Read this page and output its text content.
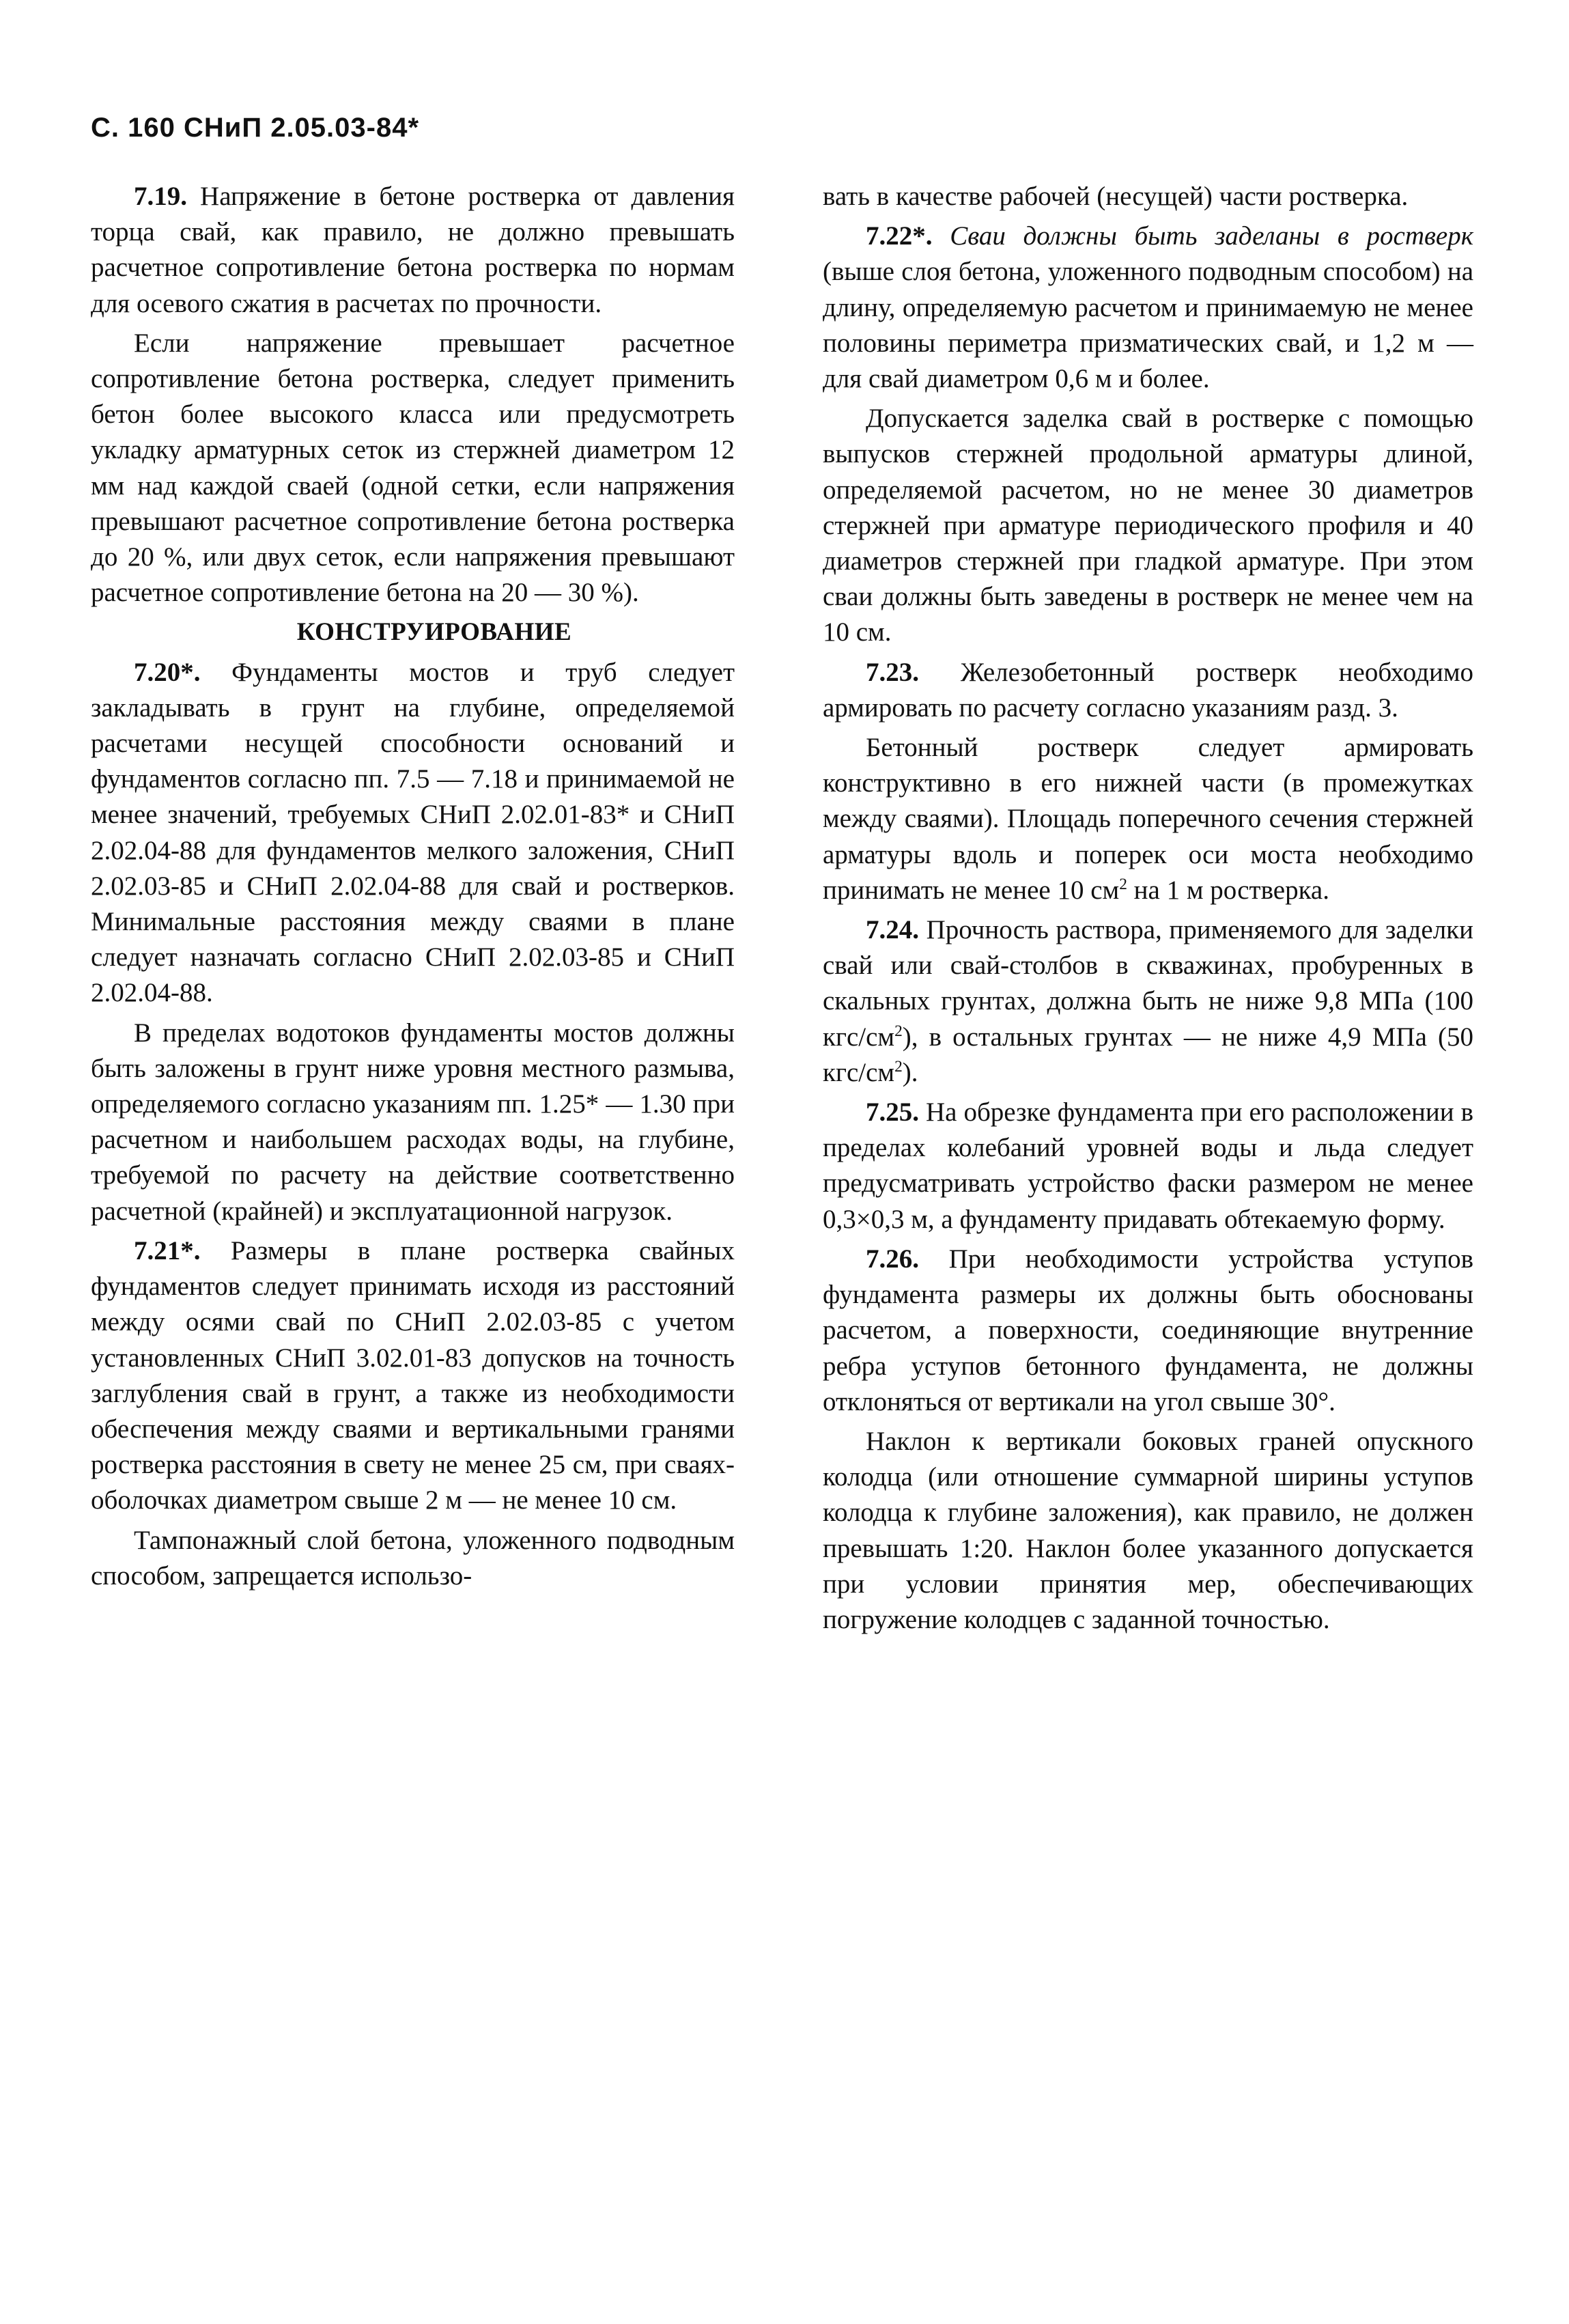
С. 160 СНиП 2.05.03-84*

7.19. Напряжение в бетоне ростверка от давления торца свай, как правило, не должно превышать расчетное сопротивление бетона ростверка по нормам для осевого сжатия в расчетах по прочности.

Если напряжение превышает расчетное сопротивление бетона ростверка, следует применить бетон более высокого класса или предусмотреть укладку арматурных сеток из стержней диаметром 12 мм над каждой сваей (одной сетки, если напряжения превышают расчетное сопротивление бетона ростверка до 20 %, или двух сеток, если напряжения превышают расчетное сопротивление бетона на 20 — 30 %).

КОНСТРУИРОВАНИЕ

7.20*. Фундаменты мостов и труб следует закладывать в грунт на глубине, определяемой расчетами несущей способности оснований и фундаментов согласно пп. 7.5 — 7.18 и принимаемой не менее значений, требуемых СНиП 2.02.01-83* и СНиП 2.02.04-88 для фундаментов мелкого заложения, СНиП 2.02.03-85 и СНиП 2.02.04-88 для свай и ростверков. Минимальные расстояния между сваями в плане следует назначать согласно СНиП 2.02.03-85 и СНиП 2.02.04-88.

В пределах водотоков фундаменты мостов должны быть заложены в грунт ниже уровня местного размыва, определяемого согласно указаниям пп. 1.25* — 1.30 при расчетном и наибольшем расходах воды, на глубине, требуемой по расчету на действие соответственно расчетной (крайней) и эксплуатационной нагрузок.

7.21*. Размеры в плане ростверка свайных фундаментов следует принимать исходя из расстояний между осями свай по СНиП 2.02.03-85 с учетом установленных СНиП 3.02.01-83 допусков на точность заглубления свай в грунт, а также из необходимости обеспечения между сваями и вертикальными гранями ростверка расстояния в свету не менее 25 см, при сваях-оболочках диаметром свыше 2 м — не менее 10 см.

Тампонажный слой бетона, уложенного подводным способом, запрещается использо-

вать в качестве рабочей (несущей) части ростверка.

7.22*. Сваи должны быть заделаны в ростверк (выше слоя бетона, уложенного подводным способом) на длину, определяемую расчетом и принимаемую не менее половины периметра призматических свай, и 1,2 м — для свай диаметром 0,6 м и более.

Допускается заделка свай в ростверке с помощью выпусков стержней продольной арматуры длиной, определяемой расчетом, но не менее 30 диаметров стержней при арматуре периодического профиля и 40 диаметров стержней при гладкой арматуре. При этом сваи должны быть заведены в ростверк не менее чем на 10 см.

7.23. Железобетонный ростверк необходимо армировать по расчету согласно указаниям разд. 3.

Бетонный ростверк следует армировать конструктивно в его нижней части (в промежутках между сваями). Площадь поперечного сечения стержней арматуры вдоль и поперек оси моста необходимо принимать не менее 10 $см^2$ на 1 м ростверка.

7.24. Прочность раствора, применяемого для заделки свай или свай-столбов в скважинах, пробуренных в скальных грунтах, должна быть не ниже 9,8 МПа (100 кгс/$см^2$), в остальных грунтах — не ниже 4,9 МПа (50 кгс/$см^2$).

7.25. На обрезке фундамента при его расположении в пределах колебаний уровней воды и льда следует предусматривать устройство фаски размером не менее 0,3×0,3 м, а фундаменту придавать обтекаемую форму.

7.26. При необходимости устройства уступов фундамента размеры их должны быть обоснованы расчетом, а поверхности, соединяющие внутренние ребра уступов бетонного фундамента, не должны отклоняться от вертикали на угол свыше 30°.

Наклон к вертикали боковых граней опускного колодца (или отношение суммарной ширины уступов колодца к глубине заложения), как правило, не должен превышать 1:20. Наклон более указанного допускается при условии принятия мер, обеспечивающих погружение колодцев с заданной точностью.
